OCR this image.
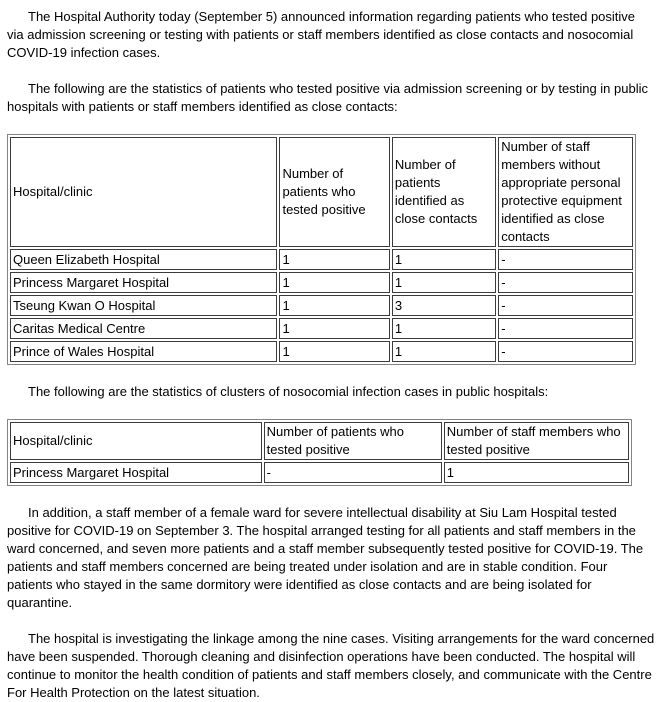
The Hospital Authority today (September 5) announced information regarding patients who tested positive via admission screening or testing with patients or staff members identified as close contacts and nosocomial COVID-19 infection cases.

The following are the statistics of patients who tested positive via admission screening or by testing in public hospitals with patients or staff members identified as close contacts:

Hospital/clinic	Number of patients who tested positive	Number of patients identified as close contacts	Number of staff members without appropriate personal protective equipment identified as close contacts
Queen Elizabeth Hospital	1	1	-
Princess Margaret Hospital	1	1	-
Tseung Kwan O Hospital	1	3	-
Caritas Medical Centre	1	1	-
Prince of Wales Hospital	1	1	-

The following are the statistics of clusters of nosocomial infection cases in public hospitals:

Hospital/clinic	Number of patients who tested positive	Number of staff members who tested positive
Princess Margaret Hospital	-	1

In addition, a staff member of a female ward for severe intellectual disability at Siu Lam Hospital tested positive for COVID-19 on September 3. The hospital arranged testing for all patients and staff members in the ward concerned, and seven more patients and a staff member subsequently tested positive for COVID-19. The patients and staff members concerned are being treated under isolation and are in stable condition. Four patients who stayed in the same dormitory were identified as close contacts and are being isolated for quarantine.

The hospital is investigating the linkage among the nine cases. Visiting arrangements for the ward concerned have been suspended. Thorough cleaning and disinfection operations have been conducted. The hospital will continue to monitor the health condition of patients and staff members closely, and communicate with the Centre For Health Protection on the latest situation.
